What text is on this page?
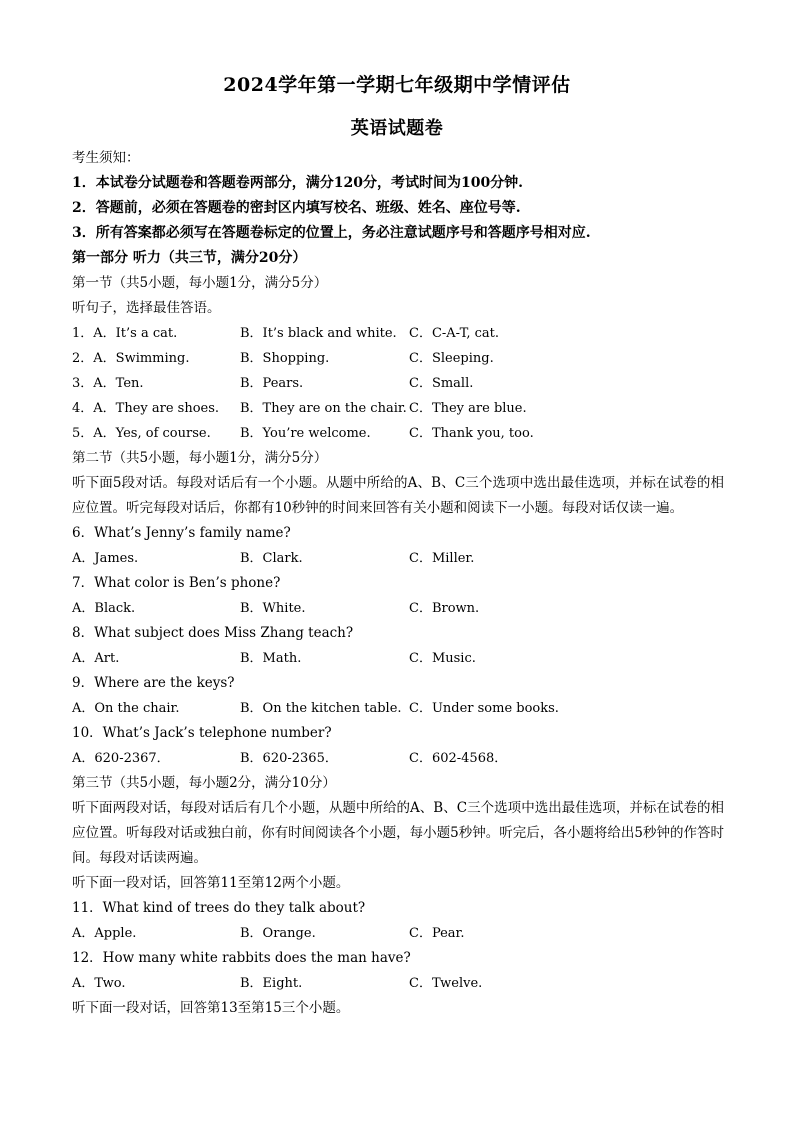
2024学年第一学期七年级期中学情评估
英语试题卷
考生须知：
1．本试卷分试题卷和答题卷两部分，满分120分，考试时间为100分钟.
2．答题前，必须在答题卷的密封区内填写校名、班级、姓名、座位号等.
3．所有答案都必须写在答题卷标定的位置上，务必注意试题序号和答题序号相对应.
第一部分 听力（共三节，满分20分）
第一节（共5小题，每小题1分，满分5分）
听句子，选择最佳答语。
1．A．It’s a cat.	B．It’s black and white. C．C-A-T, cat.
2．A．Swimming.	B．Shopping.	C．Sleeping.
3．A．Ten.	B．Pears.	C．Small.
4．A．They are shoes.	B．They are on the chair. C．They are blue.
5．A．Yes, of course.	B．You’re welcome.	C．Thank you, too.
第二节（共5小题，每小题1分，满分5分）
听下面5段对话。每段对话后有一个小题。从题中所给的A、B、C三个选项中选出最佳选项，并标在试卷的相应位置。听完每段对话后，你都有10秒钟的时间来回答有关小题和阅读下一小题。每段对话仅读一遍。
6．What’s Jenny’s family name?
A．James.	B．Clark.	C．Miller.
7．What color is Ben’s phone?
A．Black.	B．White.	C．Brown.
8．What subject does Miss Zhang teach?
A．Art.	B．Math.	C．Music.
9．Where are the keys?
A．On the chair.	B．On the kitchen table. C．Under some books.
10．What’s Jack’s telephone number?
A．620-2367．	B．620-2365．	C．602-4568．
第三节（共5小题，每小题2分，满分10分）
听下面两段对话，每段对话后有几个小题，从题中所给的A、B、C三个选项中选出最佳选项，并标在试卷的相应位置。听每段对话或独白前，你有时间阅读各个小题，每小题5秒钟。听完后，各小题将给出5秒钟的作答时间。每段对话读两遍。
听下面一段对话，回答第11至第12两个小题。
11．What kind of trees do they talk about?
A．Apple.	B．Orange.	C．Pear.
12．How many white rabbits does the man have?
A．Two.	B．Eight.	C．Twelve.
听下面一段对话，回答第13至第15三个小题。
